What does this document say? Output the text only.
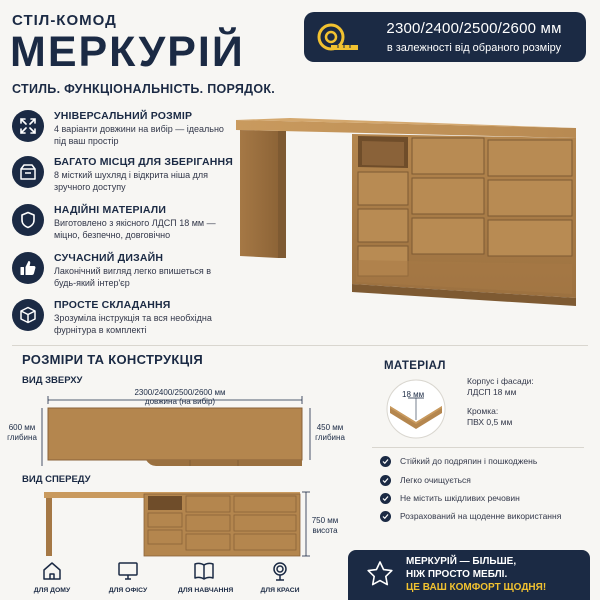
СТІЛ-КОМОД
МЕРКУРІЙ
СТИЛЬ. ФУНКЦІОНАЛЬНІСТЬ. ПОРЯДОК.
2300/2400/2500/2600 мм
в залежності від обраного розміру
УНІВЕРСАЛЬНИЙ РОЗМІР
4 варіанти довжини на вибір — ідеально під ваш простір
БАГАТО МІСЦЯ ДЛЯ ЗБЕРІГАННЯ
8 місткий шухляд і відкрита ніша для зручного доступу
НАДІЙНІ МАТЕРІАЛИ
Виготовлено з якісного ЛДСП 18 мм — міцно, безпечно, довговічно
СУЧАСНИЙ ДИЗАЙН
Лаконічний вигляд легко впишеться в будь-який інтер'єр
ПРОСТЕ СКЛАДАННЯ
Зрозуміла інструкція та вся необхідна фурнітура в комплекті
РОЗМІРИ ТА КОНСТРУКЦІЯ
ВИД ЗВЕРХУ
ВИД СПЕРЕДУ
2300/2400/2500/2600 мм
довжина (на вибір)
600 мм
глибина
450 мм
глибина
750 мм
висота
МАТЕРІАЛ
18 мм
Корпус і фасади:
ЛДСП 18 мм
Кромка:
ПВХ 0,5 мм
Стійкий до подряпин і пошкоджень
Легко очищується
Не містить шкідливих речовин
Розрахований на щоденне використання
ДЛЯ ДОМУ	ДЛЯ ОФІСУ	ДЛЯ НАВЧАННЯ	ДЛЯ КРАСИ
МЕРКУРІЙ — БІЛЬШЕ,
НІЖ ПРОСТО МЕБЛІ.
ЦЕ ВАШ КОМФОРТ ЩОДНЯ!
